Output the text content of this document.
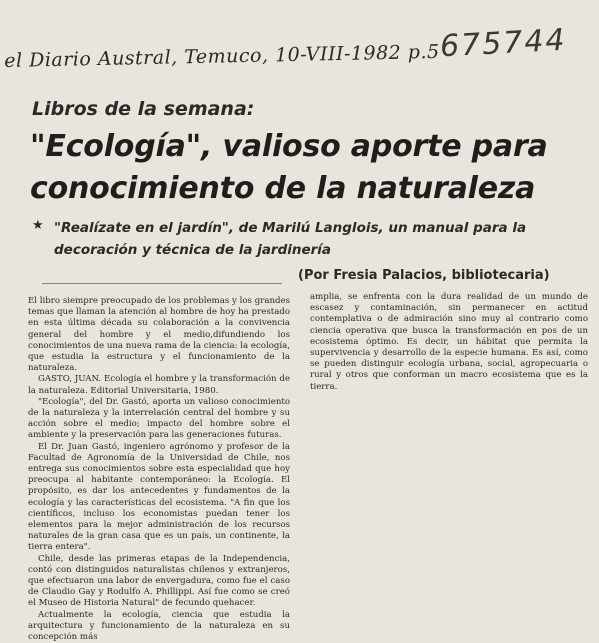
el Diario Austral, Temuco, 10-VIII-1982 p.5 675744
Libros de la semana:
"Ecología", valioso aporte para
conocimiento de la naturaleza
★ "Realízate en el jardín", de Marilú Langlois, un manual para la decoración y técnica de la jardinería
(Por Fresia Palacios, bibliotecaria)

El libro siempre preocupado de los problemas y los grandes temas que llaman la atención al hombre de hoy ha prestado en esta última década su colaboración a la convivencia general del hombre y el medio,difundiendo los conocimientos de una nueva rama de la ciencia: la ecología, que estudia la estructura y el funcionamiento de la naturaleza.

GASTO, JUAN. Ecología el hombre y la transformación de la naturaleza. Editorial Universitaria, 1980.

"Ecología", del Dr. Gastó, aporta un valioso conocimiento de la naturaleza y la interrelación central del hombre y su acción sobre el medio; impacto del hombre sobre el ambiente y la preservación para las generaciones futuras.

El Dr. Juan Gastó, ingeniero agrónomo y profesor de la Facultad de Agronomía de la Universidad de Chile, nos entrega sus conocimientos sobre esta especialidad que hoy preocupa al habitante contemporáneo: la Ecología. El propósito, es dar los antecedentes y fundamentos de la ecología y las características del ecosistema. "A fin que los científicos, incluso los economistas puedan tener los elementos para la mejor administración de los recursos naturales de la gran casa que es un país, un continente, la tierra entera".

Chile, desde las primeras etapas de la Independencia, contó con distinguidos naturalistas chilenos y extranjeros, que efectuaron una labor de envergadura, como fue el caso de Claudio Gay y Rodulfo A. Phillippi. Así fue como se creó el Museo de Historia Natural" de fecundo quehacer.

Actualmente la ecología, ciencia que estudia la arquitectura y funcionamiento de la naturaleza en su concepción más

amplia, se enfrenta con la dura realidad de un mundo de escasez y contaminación, sin permanecer en actitud contemplativa o de admiración sino muy al contrario como ciencia operativa que busca la transformación en pos de un ecosistema óptimo. Es decir, un hábitat que permita la supervivencia y desarrollo de la especie humana. Es así, como se pueden distinguir ecología urbana, social, agropecuaria o rural y otros que conforman un macro ecosistema que es la tierra.
